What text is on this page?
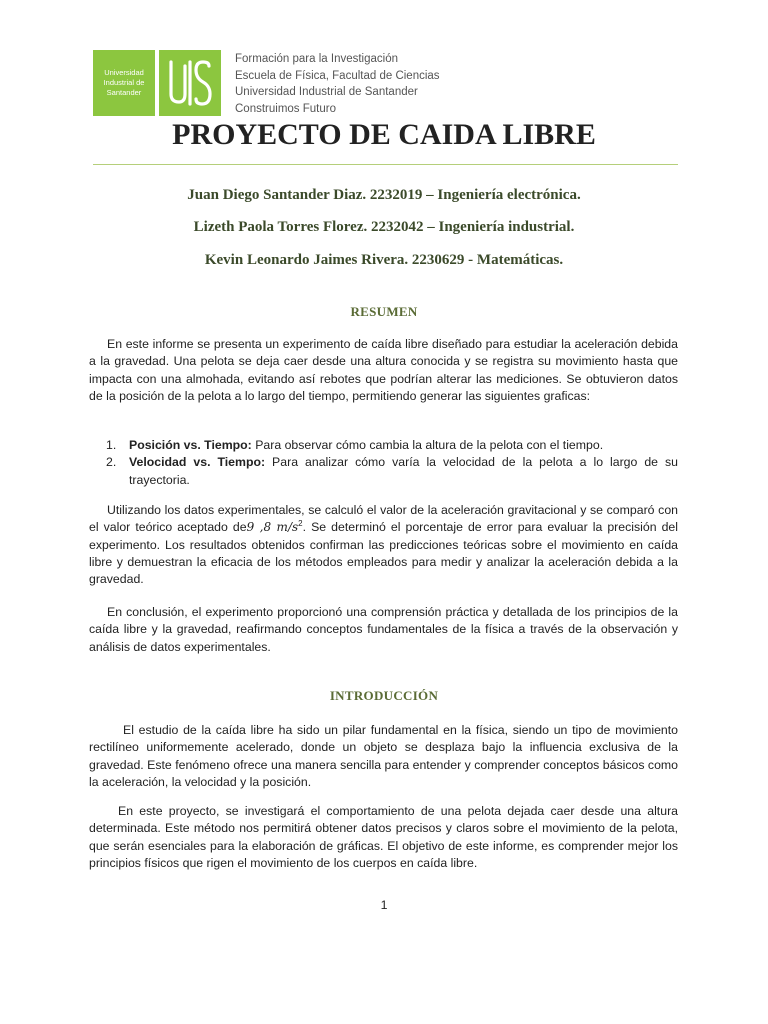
Universidad
Industrial de
Santander
Formación para la Investigación
Escuela de Física, Facultad de Ciencias
Universidad Industrial de Santander
Construimos Futuro
PROYECTO DE CAIDA LIBRE
Juan Diego Santander Diaz. 2232019 – Ingeniería electrónica.
Lizeth Paola Torres Florez. 2232042 – Ingeniería industrial.
Kevin Leonardo Jaimes Rivera. 2230629 - Matemáticas.
RESUMEN
En este informe se presenta un experimento de caída libre diseñado para estudiar la aceleración debida a la gravedad. Una pelota se deja caer desde una altura conocida y se registra su movimiento hasta que impacta con una almohada, evitando así rebotes que podrían alterar las mediciones. Se obtuvieron datos de la posición de la pelota a lo largo del tiempo, permitiendo generar las siguientes graficas:
1. Posición vs. Tiempo: Para observar cómo cambia la altura de la pelota con el tiempo.
2. Velocidad vs. Tiempo: Para analizar cómo varía la velocidad de la pelota a lo largo de su trayectoria.
Utilizando los datos experimentales, se calculó el valor de la aceleración gravitacional y se comparó con el valor teórico aceptado de9 ,8 $m/s^2$. Se determinó el porcentaje de error para evaluar la precisión del experimento. Los resultados obtenidos confirman las predicciones teóricas sobre el movimiento en caída libre y demuestran la eficacia de los métodos empleados para medir y analizar la aceleración debida a la gravedad.
En conclusión, el experimento proporcionó una comprensión práctica y detallada de los principios de la caída libre y la gravedad, reafirmando conceptos fundamentales de la física a través de la observación y análisis de datos experimentales.
INTRODUCCIÓN
El estudio de la caída libre ha sido un pilar fundamental en la física, siendo un tipo de movimiento rectilíneo uniformemente acelerado, donde un objeto se desplaza bajo la influencia exclusiva de la gravedad. Este fenómeno ofrece una manera sencilla para entender y comprender conceptos básicos como la aceleración, la velocidad y la posición.
En este proyecto, se investigará el comportamiento de una pelota dejada caer desde una altura determinada. Este método nos permitirá obtener datos precisos y claros sobre el movimiento de la pelota, que serán esenciales para la elaboración de gráficas. El objetivo de este informe, es comprender mejor los principios físicos que rigen el movimiento de los cuerpos en caída libre.
1
